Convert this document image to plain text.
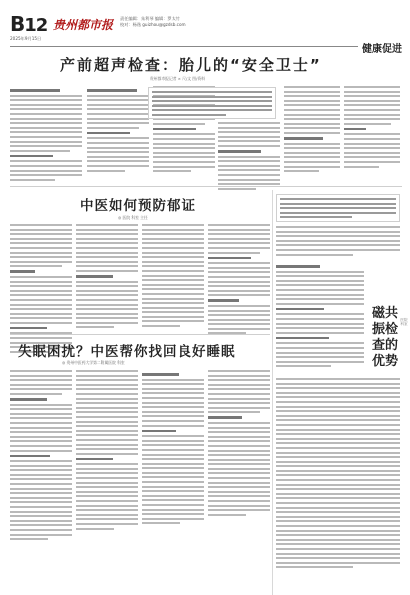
B12 贵州都市报 责任编辑：朱利琴 编辑：罗太竹
校对：杨逸 guizhou@gzdsb.com
2025年9月15日
健康促进
产前超声检查：胎儿的“安全卫士”
贵州都市报记者 × 尺/文 图/资料
中医如何预防郁证
◎ 医院 科室 主任
磁共振检查的优势
医院 科室
失眠困扰？中医帮你找回良好睡眠
◎ 贵州中医药大学第二附属医院 科室
